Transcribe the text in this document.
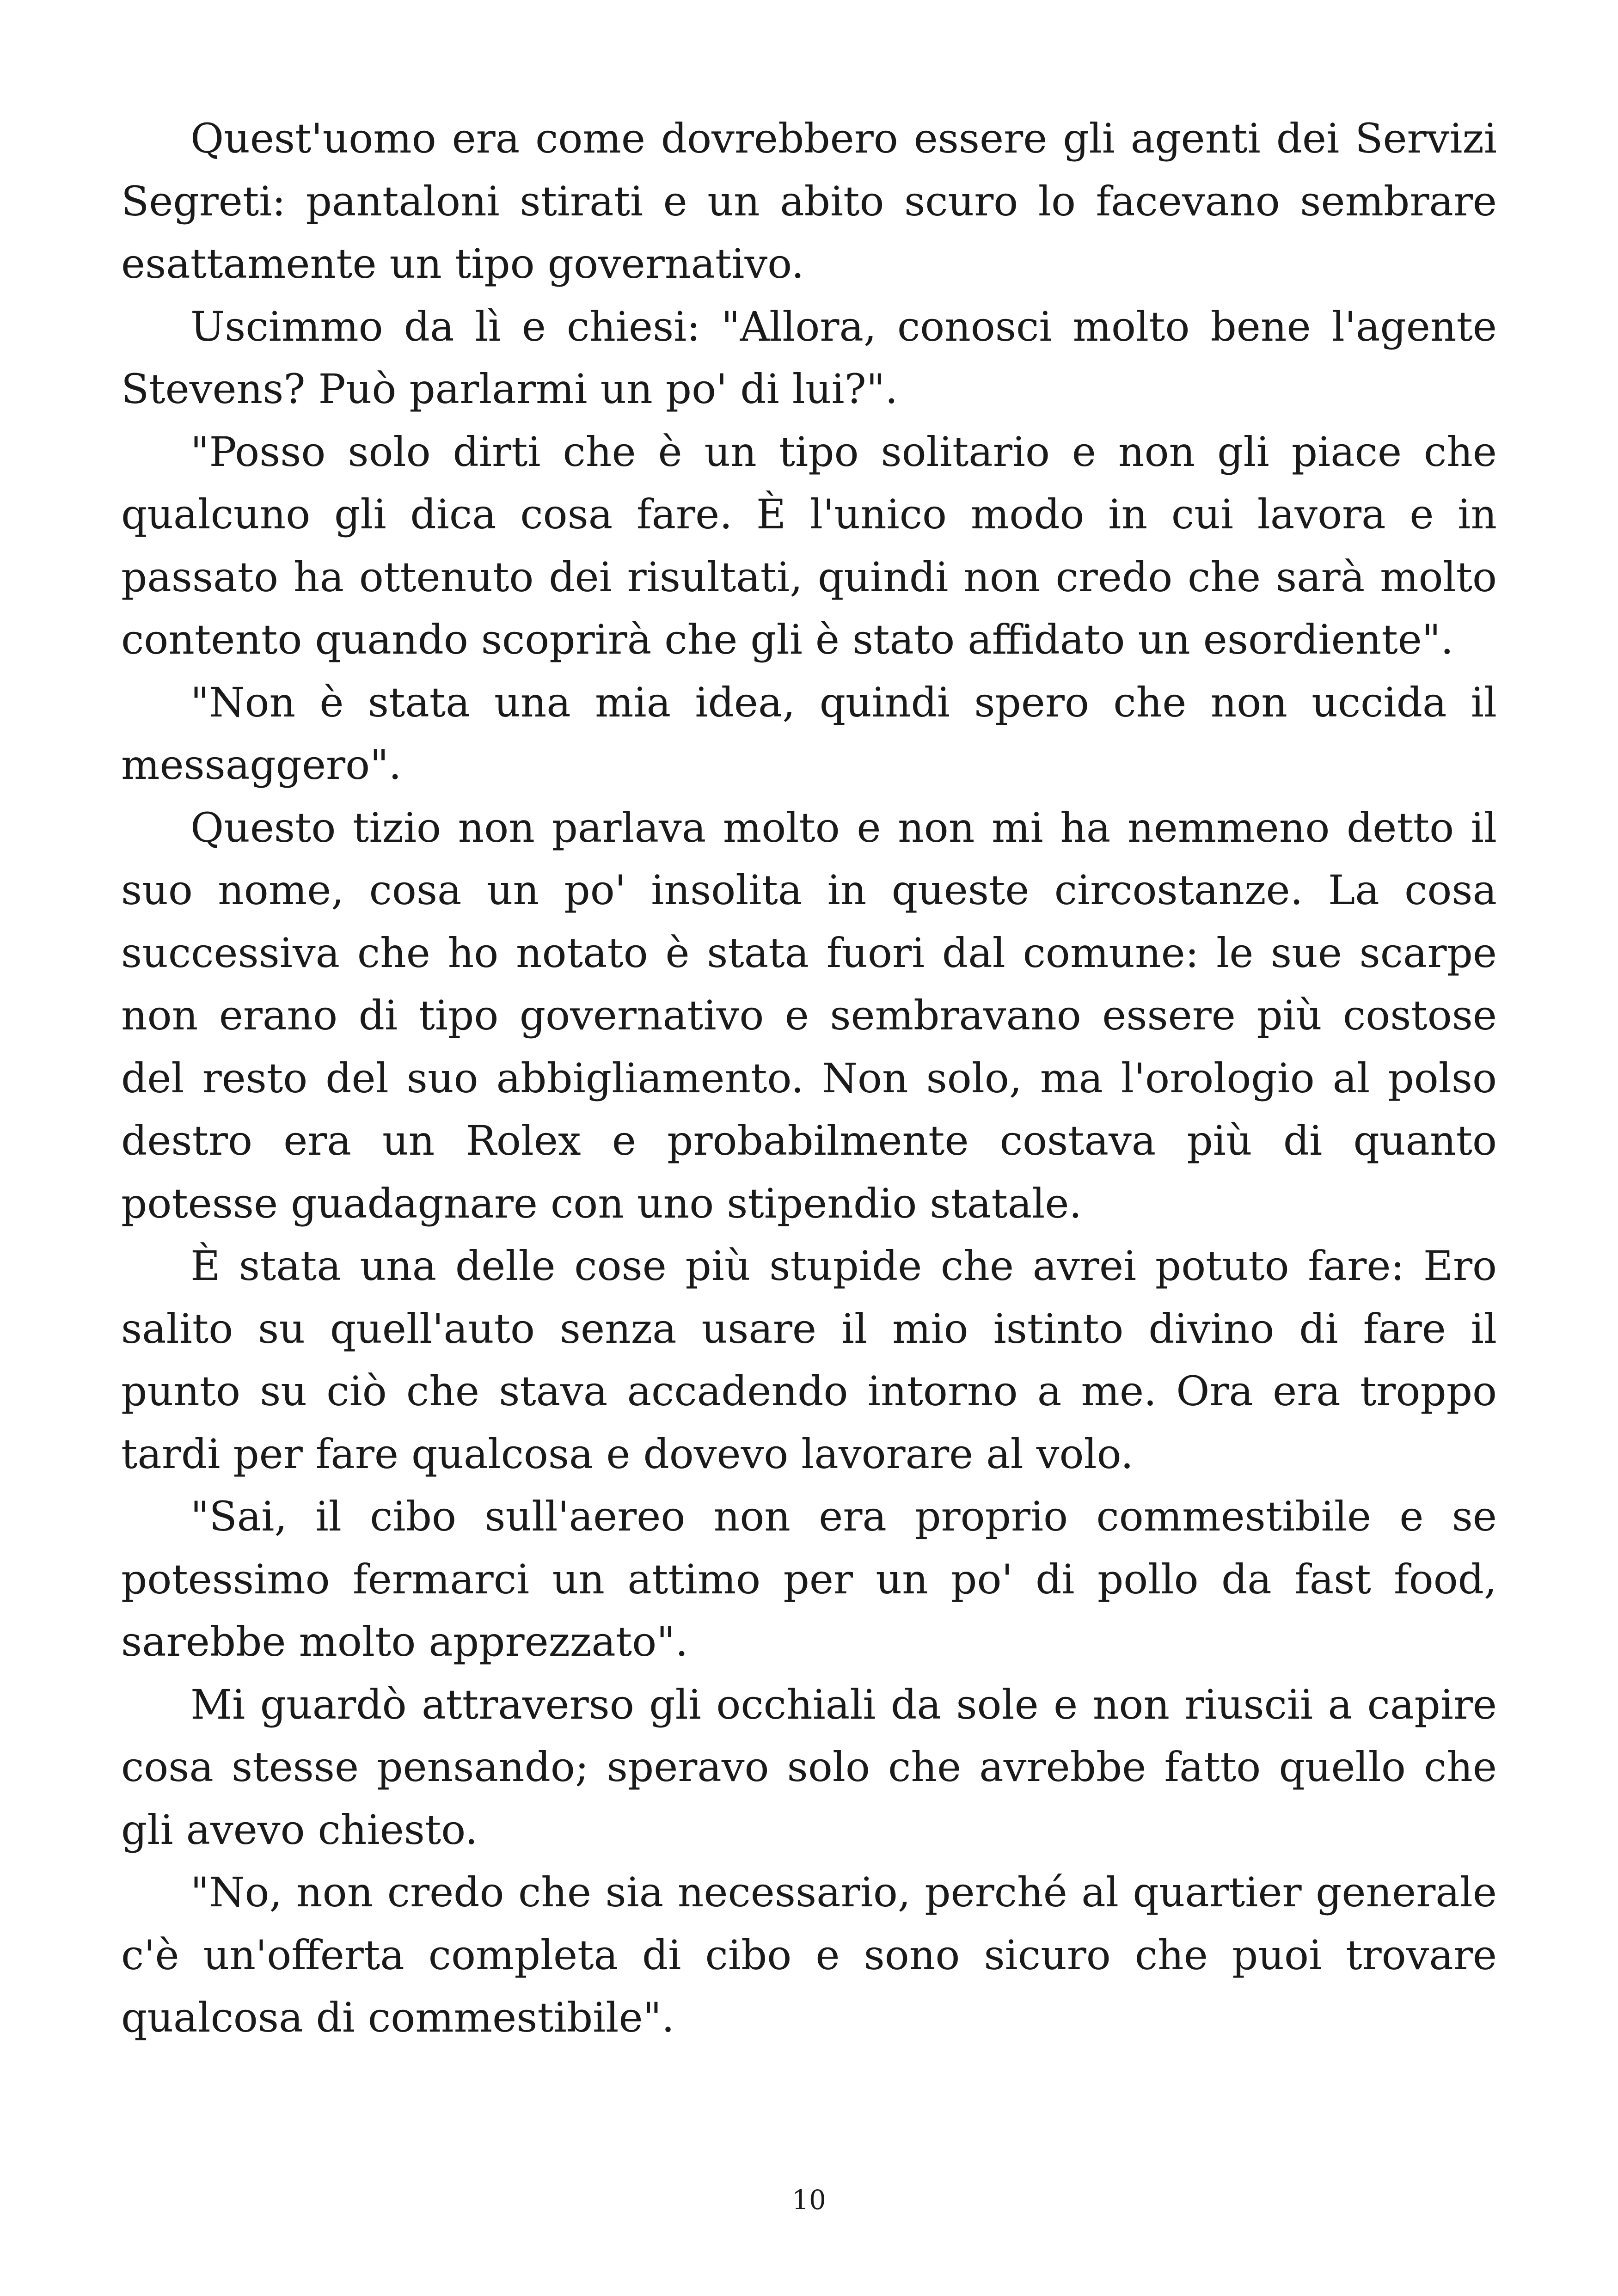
Quest'uomo era come dovrebbero essere gli agenti dei Servizi Segreti: pantaloni stirati e un abito scuro lo facevano sembrare esattamente un tipo governativo.

Uscimmo da lì e chiesi: "Allora, conosci molto bene l'agente Stevens? Può parlarmi un po' di lui?".

"Posso solo dirti che è un tipo solitario e non gli piace che qualcuno gli dica cosa fare. È l'unico modo in cui lavora e in passato ha ottenuto dei risultati, quindi non credo che sarà molto contento quando scoprirà che gli è stato affidato un esordiente".

"Non è stata una mia idea, quindi spero che non uccida il messaggero".

Questo tizio non parlava molto e non mi ha nemmeno detto il suo nome, cosa un po' insolita in queste circostanze. La cosa successiva che ho notato è stata fuori dal comune: le sue scarpe non erano di tipo governativo e sembravano essere più costose del resto del suo abbigliamento. Non solo, ma l'orologio al polso destro era un Rolex e probabilmente costava più di quanto potesse guadagnare con uno stipendio statale.

È stata una delle cose più stupide che avrei potuto fare: Ero salito su quell'auto senza usare il mio istinto divino di fare il punto su ciò che stava accadendo intorno a me. Ora era troppo tardi per fare qualcosa e dovevo lavorare al volo.

"Sai, il cibo sull'aereo non era proprio commestibile e se potessimo fermarci un attimo per un po' di pollo da fast food, sarebbe molto apprezzato".

Mi guardò attraverso gli occhiali da sole e non riuscii a capire cosa stesse pensando; speravo solo che avrebbe fatto quello che gli avevo chiesto.

"No, non credo che sia necessario, perché al quartier generale c'è un'offerta completa di cibo e sono sicuro che puoi trovare qualcosa di commestibile".

10
